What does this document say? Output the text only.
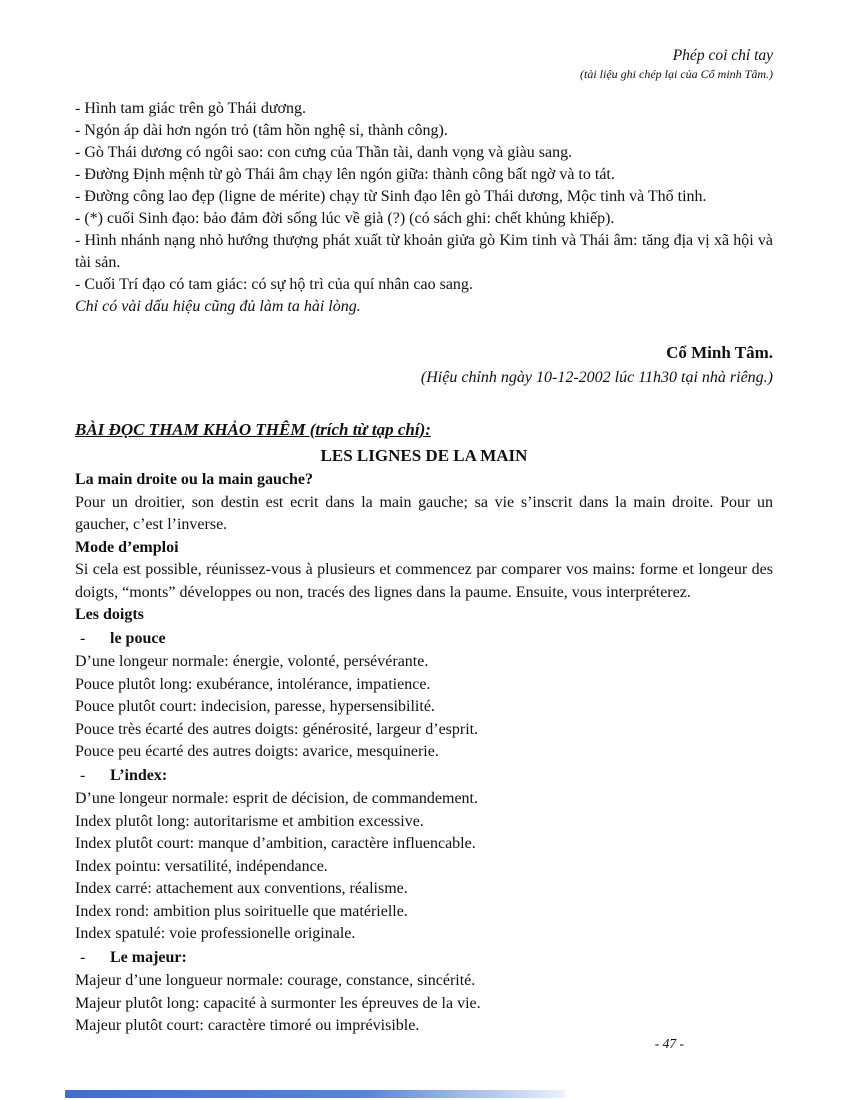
Phép coi chỉ tay
(tài liệu ghi chép lại của Cổ minh Tâm.)
- Hình tam giác trên gò Thái dương.
- Ngón áp dài hơn ngón trỏ (tâm hồn nghệ sỉ, thành công).
- Gò Thái dương có ngôi sao: con cưng của Thần tài, danh vọng và giàu sang.
- Đường Định mệnh từ gò Thái âm chạy lên ngón giữa: thành công bất ngờ và to tát.
- Đường công lao đẹp (ligne de mérite) chạy từ Sinh đạo lên gò Thái dương, Mộc tinh và Thổ tinh.
- (*) cuối Sinh đạo: bảo đảm đời sống lúc về già (?) (có sách ghi: chết khủng khiếp).
- Hình nhánh nạng nhỏ hướng thượng phát xuất từ khoản giửa gò Kim tinh và Thái âm: tăng địa vị xã hội và tài sản.
- Cuối Trí đạo có tam giác: có sự hộ trì của quí nhân cao sang.
Chỉ có vài dấu hiệu cũng đủ làm ta hài lòng.
Cổ Minh Tâm.
(Hiệu chỉnh ngày 10-12-2002 lúc 11h30 tại nhà riêng.)
BÀI ĐỌC THAM KHẢO THÊM (trích từ tạp chí):
LES LIGNES DE LA MAIN
La main droite ou la main gauche?
Pour un droitier, son destin est ecrit dans la main gauche; sa vie s’inscrit dans la main droite. Pour un gaucher, c’est l’inverse.
Mode d’emploi
Si cela est possible, réunissez-vous à plusieurs et commencez par comparer vos mains: forme et longeur des doigts, “monts” développes ou non, tracés des lignes dans la paume. Ensuite, vous interpréterez.
Les doigts
-	le pouce
D’une longeur normale: énergie, volonté, persévérante.
Pouce plutôt long: exubérance, intolérance, impatience.
Pouce plutôt court: indecision, paresse, hypersensibilité.
Pouce très écarté des autres doigts: générosité, largeur d’esprit.
Pouce peu écarté des autres doigts: avarice, mesquinerie.
-	L’index:
D’une longeur normale: esprit de décision, de commandement.
Index plutôt long: autoritarisme et ambition excessive.
Index plutôt court: manque d’ambition, caractère influencable.
Index pointu: versatilité, indépendance.
Index carré: attachement aux conventions, réalisme.
Index rond: ambition plus soirituelle que matérielle.
Index spatulé: voie professionelle originale.
-	Le majeur:
Majeur d’une longueur normale: courage, constance, sincérité.
Majeur plutôt long: capacité à surmonter les épreuves de la vie.
Majeur plutôt court: caractère timoré ou imprévisible.
- 47 -
